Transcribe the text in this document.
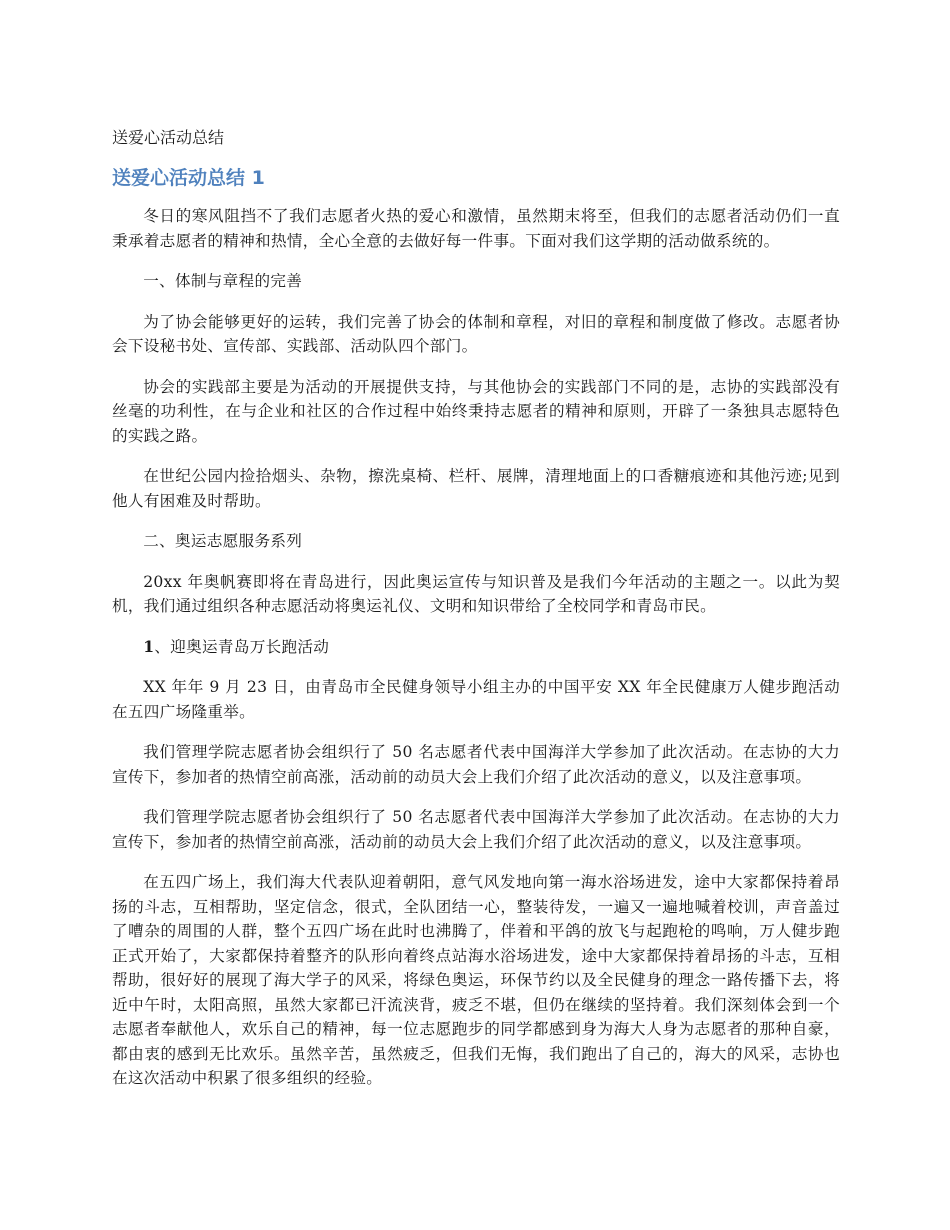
送爱心活动总结

送爱心活动总结 1

冬日的寒风阻挡不了我们志愿者火热的爱心和激情，虽然期末将至，但我们的志愿者活动仍们一直秉承着志愿者的精神和热情，全心全意的去做好每一件事。下面对我们这学期的活动做系统的。

一、体制与章程的完善

为了协会能够更好的运转，我们完善了协会的体制和章程，对旧的章程和制度做了修改。志愿者协会下设秘书处、宣传部、实践部、活动队四个部门。

协会的实践部主要是为活动的开展提供支持，与其他协会的实践部门不同的是，志协的实践部没有丝毫的功利性，在与企业和社区的合作过程中始终秉持志愿者的精神和原则，开辟了一条独具志愿特色的实践之路。

在世纪公园内捡拾烟头、杂物，擦洗桌椅、栏杆、展牌，清理地面上的口香糖痕迹和其他污迹;见到他人有困难及时帮助。

二、奥运志愿服务系列

20xx 年奥帆赛即将在青岛进行，因此奥运宣传与知识普及是我们今年活动的主题之一。以此为契机，我们通过组织各种志愿活动将奥运礼仪、文明和知识带给了全校同学和青岛市民。

1、迎奥运青岛万长跑活动

XX 年年 9 月 23 日，由青岛市全民健身领导小组主办的中国平安 XX 年全民健康万人健步跑活动在五四广场隆重举。

我们管理学院志愿者协会组织行了 50 名志愿者代表中国海洋大学参加了此次活动。在志协的大力宣传下，参加者的热情空前高涨，活动前的动员大会上我们介绍了此次活动的意义，以及注意事项。

我们管理学院志愿者协会组织行了 50 名志愿者代表中国海洋大学参加了此次活动。在志协的大力宣传下，参加者的热情空前高涨，活动前的动员大会上我们介绍了此次活动的意义，以及注意事项。

在五四广场上，我们海大代表队迎着朝阳，意气风发地向第一海水浴场进发，途中大家都保持着昂扬的斗志，互相帮助，坚定信念，很式，全队团结一心，整装待发，一遍又一遍地喊着校训，声音盖过了嘈杂的周围的人群，整个五四广场在此时也沸腾了，伴着和平鸽的放飞与起跑枪的鸣响，万人健步跑正式开始了，大家都保持着整齐的队形向着终点站海水浴场进发，途中大家都保持着昂扬的斗志，互相帮助，很好好的展现了海大学子的风采，将绿色奥运，环保节约以及全民健身的理念一路传播下去，将近中午时，太阳高照，虽然大家都已汗流浃背，疲乏不堪，但仍在继续的坚持着。我们深刻体会到一个志愿者奉献他人，欢乐自己的精神，每一位志愿跑步的同学都感到身为海大人身为志愿者的那种自豪，都由衷的感到无比欢乐。虽然辛苦，虽然疲乏，但我们无悔，我们跑出了自己的，海大的风采，志协也在这次活动中积累了很多组织的经验。
